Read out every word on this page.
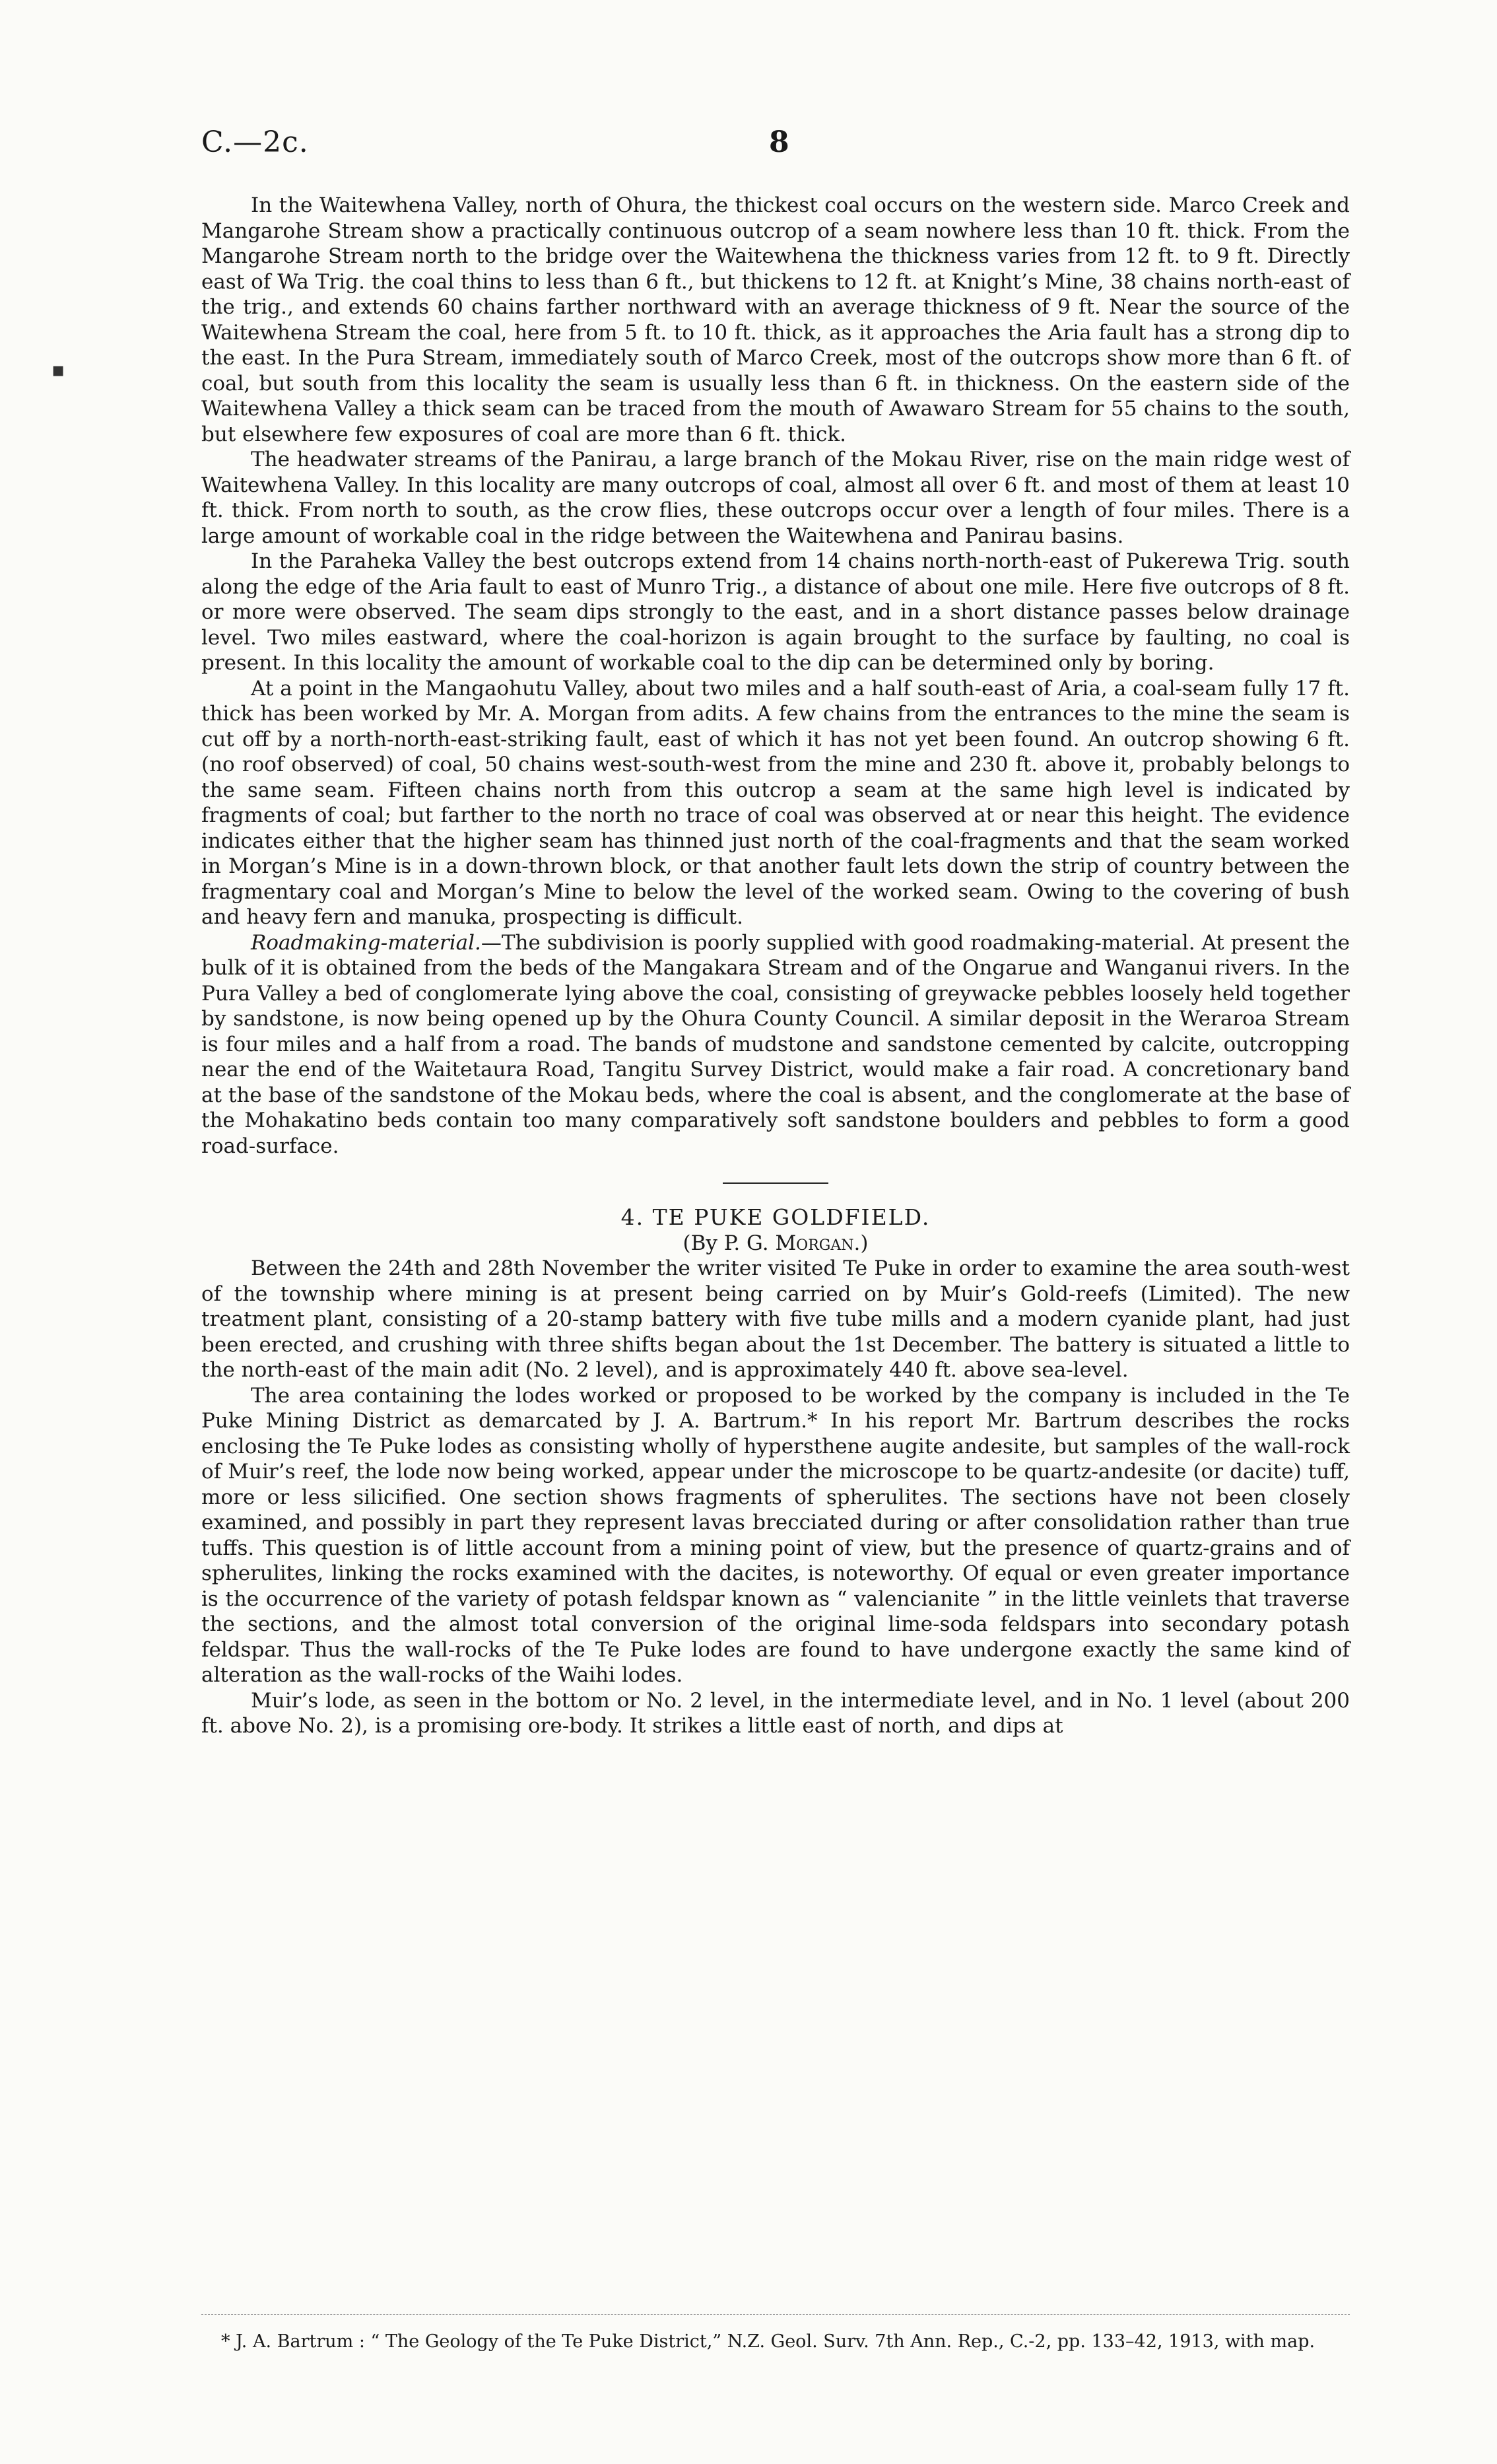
▪
C.—2c.	8

In the Waitewhena Valley, north of Ohura, the thickest coal occurs on the western side. Marco Creek and Mangarohe Stream show a practically continuous outcrop of a seam nowhere less than 10 ft. thick. From the Mangarohe Stream north to the bridge over the Waitewhena the thickness varies from 12 ft. to 9 ft. Directly east of Wa Trig. the coal thins to less than 6 ft., but thickens to 12 ft. at Knight’s Mine, 38 chains north-east of the trig., and extends 60 chains farther northward with an average thickness of 9 ft. Near the source of the Waitewhena Stream the coal, here from 5 ft. to 10 ft. thick, as it approaches the Aria fault has a strong dip to the east. In the Pura Stream, immediately south of Marco Creek, most of the outcrops show more than 6 ft. of coal, but south from this locality the seam is usually less than 6 ft. in thickness. On the eastern side of the Waitewhena Valley a thick seam can be traced from the mouth of Awawaro Stream for 55 chains to the south, but elsewhere few exposures of coal are more than 6 ft. thick.

The headwater streams of the Panirau, a large branch of the Mokau River, rise on the main ridge west of Waitewhena Valley. In this locality are many outcrops of coal, almost all over 6 ft. and most of them at least 10 ft. thick. From north to south, as the crow flies, these outcrops occur over a length of four miles. There is a large amount of workable coal in the ridge between the Waitewhena and Panirau basins.

In the Paraheka Valley the best outcrops extend from 14 chains north-north-east of Pukerewa Trig. south along the edge of the Aria fault to east of Munro Trig., a distance of about one mile. Here five outcrops of 8 ft. or more were observed. The seam dips strongly to the east, and in a short distance passes below drainage level. Two miles eastward, where the coal-horizon is again brought to the surface by faulting, no coal is present. In this locality the amount of workable coal to the dip can be determined only by boring.

At a point in the Mangaohutu Valley, about two miles and a half south-east of Aria, a coal-seam fully 17 ft. thick has been worked by Mr. A. Morgan from adits. A few chains from the entrances to the mine the seam is cut off by a north-north-east-striking fault, east of which it has not yet been found. An outcrop showing 6 ft. (no roof observed) of coal, 50 chains west-south-west from the mine and 230 ft. above it, probably belongs to the same seam. Fifteen chains north from this outcrop a seam at the same high level is indicated by fragments of coal; but farther to the north no trace of coal was observed at or near this height. The evidence indicates either that the higher seam has thinned just north of the coal-fragments and that the seam worked in Morgan’s Mine is in a down-thrown block, or that another fault lets down the strip of country between the fragmentary coal and Morgan’s Mine to below the level of the worked seam. Owing to the covering of bush and heavy fern and manuka, prospecting is difficult.

Roadmaking-material.—The subdivision is poorly supplied with good roadmaking-material. At present the bulk of it is obtained from the beds of the Mangakara Stream and of the Ongarue and Wanganui rivers. In the Pura Valley a bed of conglomerate lying above the coal, consisting of greywacke pebbles loosely held together by sandstone, is now being opened up by the Ohura County Council. A similar deposit in the Weraroa Stream is four miles and a half from a road. The bands of mudstone and sandstone cemented by calcite, outcropping near the end of the Waitetaura Road, Tangitu Survey District, would make a fair road. A concretionary band at the base of the sandstone of the Mokau beds, where the coal is absent, and the conglomerate at the base of the Mohakatino beds contain too many comparatively soft sandstone boulders and pebbles to form a good road-surface.

4. TE PUKE GOLDFIELD.

(By P. G. Morgan.)

Between the 24th and 28th November the writer visited Te Puke in order to examine the area south-west of the township where mining is at present being carried on by Muir’s Gold-reefs (Limited). The new treatment plant, consisting of a 20-stamp battery with five tube mills and a modern cyanide plant, had just been erected, and crushing with three shifts began about the 1st December. The battery is situated a little to the north-east of the main adit (No. 2 level), and is approximately 440 ft. above sea-level.

The area containing the lodes worked or proposed to be worked by the company is included in the Te Puke Mining District as demarcated by J. A. Bartrum.* In his report Mr. Bartrum describes the rocks enclosing the Te Puke lodes as consisting wholly of hypersthene augite andesite, but samples of the wall-rock of Muir’s reef, the lode now being worked, appear under the microscope to be quartz-andesite (or dacite) tuff, more or less silicified. One section shows fragments of spherulites. The sections have not been closely examined, and possibly in part they represent lavas brecciated during or after consolidation rather than true tuffs. This question is of little account from a mining point of view, but the presence of quartz-grains and of spherulites, linking the rocks examined with the dacites, is noteworthy. Of equal or even greater importance is the occurrence of the variety of potash feldspar known as “ valencianite ” in the little veinlets that traverse the sections, and the almost total conversion of the original lime-soda feldspars into secondary potash feldspar. Thus the wall-rocks of the Te Puke lodes are found to have undergone exactly the same kind of alteration as the wall-rocks of the Waihi lodes.

Muir’s lode, as seen in the bottom or No. 2 level, in the intermediate level, and in No. 1 level (about 200 ft. above No. 2), is a promising ore-body. It strikes a little east of north, and dips at

* J. A. Bartrum : “ The Geology of the Te Puke District,” N.Z. Geol. Surv. 7th Ann. Rep., C.-2, pp. 133–42, 1913, with map.
